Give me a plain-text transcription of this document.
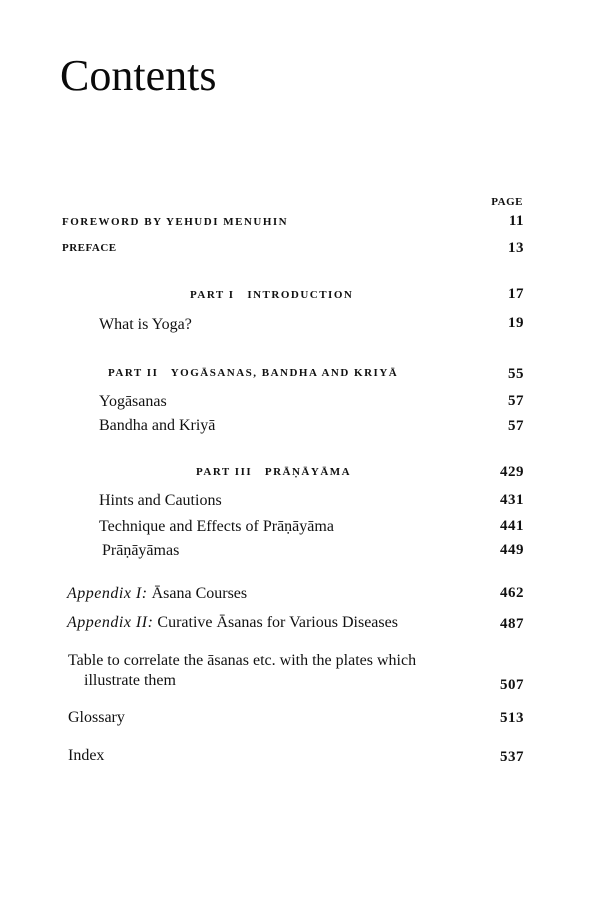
Contents
PAGE
FOREWORD BY YEHUDI MENUHIN	11
PREFACE	13
PART I   INTRODUCTION	17
What is Yoga?	19
PART II   YOGĀSANAS, BANDHA AND KRIYĀ	55
Yogāsanas	57
Bandha and Kriyā	57
PART III   PRĀṆĀYĀMA	429
Hints and Cautions	431
Technique and Effects of Prāṇāyāma	441
Prāṇāyāmas	449
Appendix I: Āsana Courses	462
Appendix II: Curative Āsanas for Various Diseases	487
Table to correlate the āsanas etc. with the plates which
illustrate them	507
Glossary	513
Index	537
